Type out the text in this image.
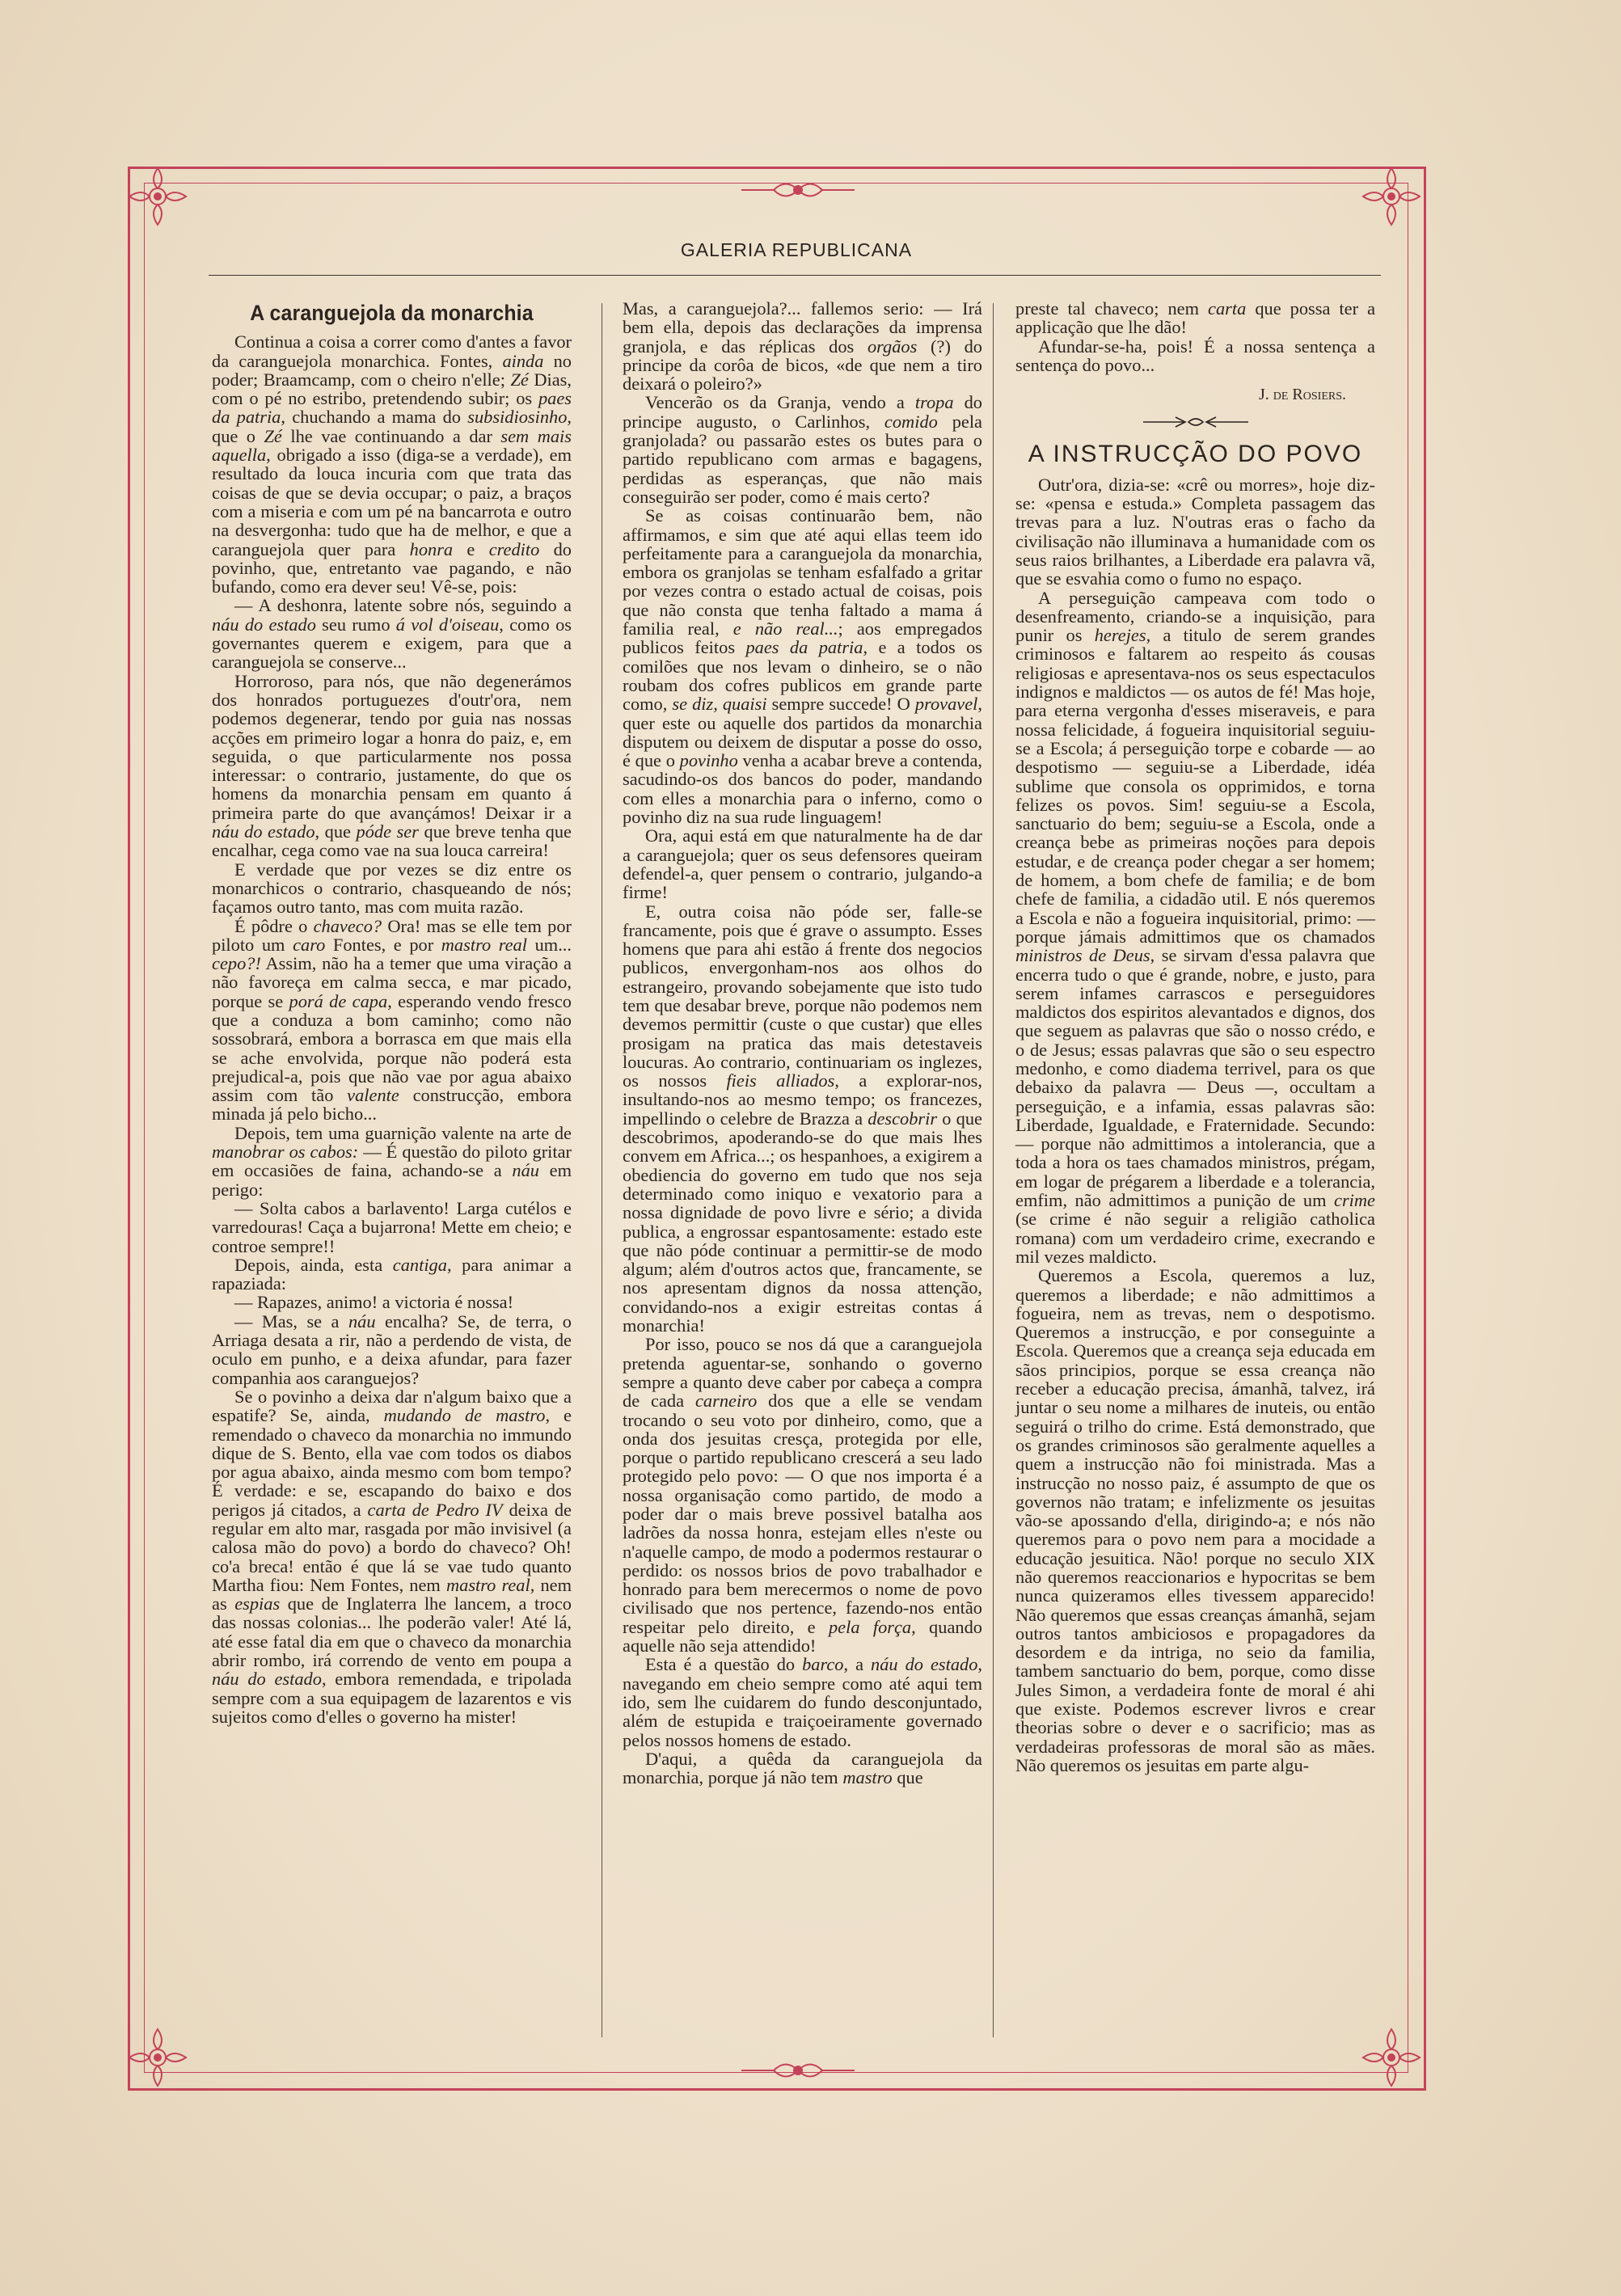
GALERIA REPUBLICANA
A caranguejola da monarchia

Continua a coisa a correr como d'antes a favor da caranguejola monarchica. Fontes, ainda no poder; Braamcamp, com o cheiro n'elle; Zé Dias, com o pé no estribo, pretendendo subir; os paes da patria, chuchando a mama do subsidiosinho, que o Zé lhe vae continuando a dar sem mais aquella, obrigado a isso (diga-se a verdade), em resultado da louca incuria com que trata das coisas de que se devia occupar; o paiz, a braços com a miseria e com um pé na bancarrota e outro na desvergonha: tudo que ha de melhor, e que a caranguejola quer para honra e credito do povinho, que, entretanto vae pagando, e não bufando, como era dever seu! Vê-se, pois:

— A deshonra, latente sobre nós, seguindo a náu do estado seu rumo á vol d'oiseau, como os governantes querem e exigem, para que a caranguejola se conserve...

Horroroso, para nós, que não degenerámos dos honrados portuguezes d'outr'ora, nem podemos degenerar, tendo por guia nas nossas acções em primeiro logar a honra do paiz, e, em seguida, o que particularmente nos possa interessar: o contrario, justamente, do que os homens da monarchia pensam em quanto á primeira parte do que avançámos! Deixar ir a náu do estado, que póde ser que breve tenha que encalhar, cega como vae na sua louca carreira!

E verdade que por vezes se diz entre os monarchicos o contrario, chasqueando de nós; façamos outro tanto, mas com muita razão.

É pôdre o chaveco? Ora! mas se elle tem por piloto um caro Fontes, e por mastro real um... cepo?! Assim, não ha a temer que uma viração a não favoreça em calma secca, e mar picado, porque se porá de capa, esperando vendo fresco que a conduza a bom caminho; como não sossobrará, embora a borrasca em que mais ella se ache envolvida, porque não poderá esta prejudical-a, pois que não vae por agua abaixo assim com tão valente construcção, embora minada já pelo bicho...

Depois, tem uma guarnição valente na arte de manobrar os cabos: — É questão do piloto gritar em occasiões de faina, achando-se a náu em perigo:

— Solta cabos a barlavento! Larga cutélos e varredouras! Caça a bujarrona! Mette em cheio; e controe sempre!!

Depois, ainda, esta cantiga, para animar a rapaziada:

— Rapazes, animo! a victoria é nossa!

— Mas, se a náu encalha? Se, de terra, o Arriaga desata a rir, não a perdendo de vista, de oculo em punho, e a deixa afundar, para fazer companhia aos caranguejos?

Se o povinho a deixa dar n'algum baixo que a espatife? Se, ainda, mudando de mastro, e remendado o chaveco da monarchia no immundo dique de S. Bento, ella vae com todos os diabos por agua abaixo, ainda mesmo com bom tempo? É verdade: e se, escapando do baixo e dos perigos já citados, a carta de Pedro IV deixa de regular em alto mar, rasgada por mão invisivel (a calosa mão do povo) a bordo do chaveco? Oh! co'a breca! então é que lá se vae tudo quanto Martha fiou: Nem Fontes, nem mastro real, nem as espias que de Inglaterra lhe lancem, a troco das nossas colonias... lhe poderão valer! Até lá, até esse fatal dia em que o chaveco da monarchia abrir rombo, irá correndo de vento em poupa a náu do estado, embora remendada, e tripolada sempre com a sua equipagem de lazarentos e vis sujeitos como d'elles o governo ha mister!

Mas, a caranguejola?... fallemos serio: — Irá bem ella, depois das declarações da imprensa granjola, e das réplicas dos orgãos (?) do principe da corôa de bicos, «de que nem a tiro deixará o poleiro?»

Vencerão os da Granja, vendo a tropa do principe augusto, o Carlinhos, comido pela granjolada? ou passarão estes os butes para o partido republicano com armas e bagagens, perdidas as esperanças, que não mais conseguirão ser poder, como é mais certo?

Se as coisas continuarão bem, não affirmamos, e sim que até aqui ellas teem ido perfeitamente para a caranguejola da monarchia, embora os granjolas se tenham esfalfado a gritar por vezes contra o estado actual de coisas, pois que não consta que tenha faltado a mama á familia real, e não real...; aos empregados publicos feitos paes da patria, e a todos os comilões que nos levam o dinheiro, se o não roubam dos cofres publicos em grande parte como, se diz, quaisi sempre succede! O provavel, quer este ou aquelle dos partidos da monarchia disputem ou deixem de disputar a posse do osso, é que o povinho venha a acabar breve a contenda, sacudindo-os dos bancos do poder, mandando com elles a monarchia para o inferno, como o povinho diz na sua rude linguagem!

Ora, aqui está em que naturalmente ha de dar a caranguejola; quer os seus defensores queiram defendel-a, quer pensem o contrario, julgando-a firme!

E, outra coisa não póde ser, falle-se francamente, pois que é grave o assumpto. Esses homens que para ahi estão á frente dos negocios publicos, envergonham-nos aos olhos do estrangeiro, provando sobejamente que isto tudo tem que desabar breve, porque não podemos nem devemos permittir (custe o que custar) que elles prosigam na pratica das mais detestaveis loucuras. Ao contrario, continuariam os inglezes, os nossos fieis alliados, a explorar-nos, insultando-nos ao mesmo tempo; os francezes, impellindo o celebre de Brazza a descobrir o que descobrimos, apoderando-se do que mais lhes convem em Africa...; os hespanhoes, a exigirem a obediencia do governo em tudo que nos seja determinado como iniquo e vexatorio para a nossa dignidade de povo livre e sério; a divida publica, a engrossar espantosamente: estado este que não póde continuar a permittir-se de modo algum; além d'outros actos que, francamente, se nos apresentam dignos da nossa attenção, convidando-nos a exigir estreitas contas á monarchia!

Por isso, pouco se nos dá que a caranguejola pretenda aguentar-se, sonhando o governo sempre a quanto deve caber por cabeça a compra de cada carneiro dos que a elle se vendam trocando o seu voto por dinheiro, como, que a onda dos jesuitas cresça, protegida por elle, porque o partido republicano crescerá a seu lado protegido pelo povo: — O que nos importa é a nossa organisação como partido, de modo a poder dar o mais breve possivel batalha aos ladrões da nossa honra, estejam elles n'este ou n'aquelle campo, de modo a podermos restaurar o perdido: os nossos brios de povo trabalhador e honrado para bem merecermos o nome de povo civilisado que nos pertence, fazendo-nos então respeitar pelo direito, e pela força, quando aquelle não seja attendido!

Esta é a questão do barco, a náu do estado, navegando em cheio sempre como até aqui tem ido, sem lhe cuidarem do fundo desconjuntado, além de estupida e traiçoeiramente governado pelos nossos homens de estado.

D'aqui, a quêda da caranguejola da monarchia, porque já não tem mastro que

preste tal chaveco; nem carta que possa ter a applicação que lhe dão!

Afundar-se-ha, pois! É a nossa sentença a sentença do povo...

J. de Rosiers.
A INSTRUCÇÃO DO POVO

Outr'ora, dizia-se: «crê ou morres», hoje diz-se: «pensa e estuda.» Completa passagem das trevas para a luz. N'outras eras o facho da civilisação não illuminava a humanidade com os seus raios brilhantes, a Liberdade era palavra vã, que se esvahia como o fumo no espaço.

A perseguição campeava com todo o desenfreamento, criando-se a inquisição, para punir os herejes, a titulo de serem grandes criminosos e faltarem ao respeito ás cousas religiosas e apresentava-nos os seus espectaculos indignos e maldictos — os autos de fé! Mas hoje, para eterna vergonha d'esses miseraveis, e para nossa felicidade, á fogueira inquisitorial seguiu-se a Escola; á perseguição torpe e cobarde — ao despotismo — seguiu-se a Liberdade, idéa sublime que consola os opprimidos, e torna felizes os povos. Sim! seguiu-se a Escola, sanctuario do bem; seguiu-se a Escola, onde a creança bebe as primeiras noções para depois estudar, e de creança poder chegar a ser homem; de homem, a bom chefe de familia; e de bom chefe de familia, a cidadão util. E nós queremos a Escola e não a fogueira inquisitorial, primo: — porque jámais admittimos que os chamados ministros de Deus, se sirvam d'essa palavra que encerra tudo o que é grande, nobre, e justo, para serem infames carrascos e perseguidores maldictos dos espiritos alevantados e dignos, dos que seguem as palavras que são o nosso crédo, e o de Jesus; essas palavras que são o seu espectro medonho, e como diadema terrivel, para os que debaixo da palavra — Deus —, occultam a perseguição, e a infamia, essas palavras são: Liberdade, Igualdade, e Fraternidade. Secundo: — porque não admittimos a intolerancia, que a toda a hora os taes chamados ministros, prégam, em logar de prégarem a liberdade e a tolerancia, emfim, não admittimos a punição de um crime (se crime é não seguir a religião catholica romana) com um verdadeiro crime, execrando e mil vezes maldicto.

Queremos a Escola, queremos a luz, queremos a liberdade; e não admittimos a fogueira, nem as trevas, nem o despotismo. Queremos a instrucção, e por conseguinte a Escola. Queremos que a creança seja educada em sãos principios, porque se essa creança não receber a educação precisa, ámanhã, talvez, irá juntar o seu nome a milhares de inuteis, ou então seguirá o trilho do crime. Está demonstrado, que os grandes criminosos são geralmente aquelles a quem a instrucção não foi ministrada. Mas a instrucção no nosso paiz, é assumpto de que os governos não tratam; e infelizmente os jesuitas vão-se apossando d'ella, dirigindo-a; e nós não queremos para o povo nem para a mocidade a educação jesuitica. Não! porque no seculo XIX não queremos reaccionarios e hypocritas se bem nunca quizeramos elles tivessem apparecido! Não queremos que essas creanças ámanhã, sejam outros tantos ambiciosos e propagadores da desordem e da intriga, no seio da familia, tambem sanctuario do bem, porque, como disse Jules Simon, a verdadeira fonte de moral é ahi que existe. Podemos escrever livros e crear theorias sobre o dever e o sacrificio; mas as verdadeiras professoras de moral são as mães. Não queremos os jesuitas em parte algu-
